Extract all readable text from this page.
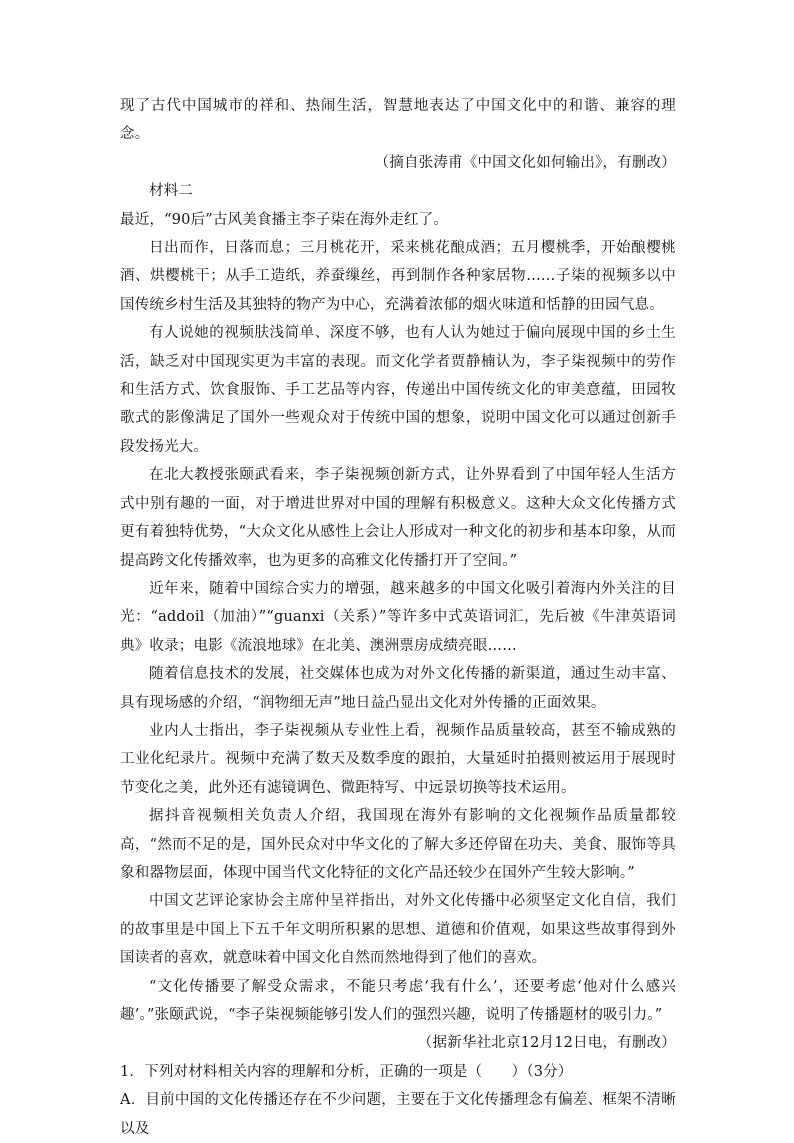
现了古代中国城市的祥和、热闹生活，智慧地表达了中国文化中的和谐、兼容的理念。

（摘自张涛甫《中国文化如何输出》，有删改）

材料二

最近，“90后”古风美食播主李子柒在海外走红了。

日出而作，日落而息；三月桃花开，采来桃花酿成酒；五月樱桃季，开始酿樱桃酒、烘樱桃干；从手工造纸，养蚕缫丝，再到制作各种家居物……子柒的视频多以中国传统乡村生活及其独特的物产为中心，充满着浓郁的烟火味道和恬静的田园气息。

有人说她的视频肤浅简单、深度不够，也有人认为她过于偏向展现中国的乡土生活，缺乏对中国现实更为丰富的表现。而文化学者贾静楠认为，李子柒视频中的劳作和生活方式、饮食服饰、手工艺品等内容，传递出中国传统文化的审美意蕴，田园牧歌式的影像满足了国外一些观众对于传统中国的想象，说明中国文化可以通过创新手段发扬光大。

在北大教授张颐武看来，李子柒视频创新方式，让外界看到了中国年轻人生活方式中别有趣的一面，对于增进世界对中国的理解有积极意义。这种大众文化传播方式更有着独特优势，“大众文化从感性上会让人形成对一种文化的初步和基本印象，从而提高跨文化传播效率，也为更多的高雅文化传播打开了空间。”

近年来，随着中国综合实力的增强，越来越多的中国文化吸引着海内外关注的目光：“addoil（加油）”“guanxi（关系）”等许多中式英语词汇，先后被《牛津英语词典》收录；电影《流浪地球》在北美、澳洲票房成绩亮眼……

随着信息技术的发展，社交媒体也成为对外文化传播的新渠道，通过生动丰富、具有现场感的介绍，“润物细无声”地日益凸显出文化对外传播的正面效果。

业内人士指出，李子柒视频从专业性上看，视频作品质量较高，甚至不输成熟的工业化纪录片。视频中充满了数天及数季度的跟拍，大量延时拍摄则被运用于展现时节变化之美，此外还有滤镜调色、微距特写、中远景切换等技术运用。

据抖音视频相关负责人介绍，我国现在海外有影响的文化视频作品质量都较高，“然而不足的是，国外民众对中华文化的了解大多还停留在功夫、美食、服饰等具象和器物层面，体现中国当代文化特征的文化产品还较少在国外产生较大影响。”

中国文艺评论家协会主席仲呈祥指出，对外文化传播中必须坚定文化自信，我们的故事里是中国上下五千年文明所积累的思想、道德和价值观，如果这些故事得到外国读者的喜欢，就意味着中国文化自然而然地得到了他们的喜欢。

“文化传播要了解受众需求，不能只考虑‘我有什么’，还要考虑‘他对什么感兴趣’。”张颐武说，“李子柒视频能够引发人们的强烈兴趣，说明了传播题材的吸引力。”

（据新华社北京12月12日电，有删改）

1．下列对材料相关内容的理解和分析，正确的一项是（　　）（3分）

A．目前中国的文化传播还存在不少问题，主要在于文化传播理念有偏差、框架不清晰以及
